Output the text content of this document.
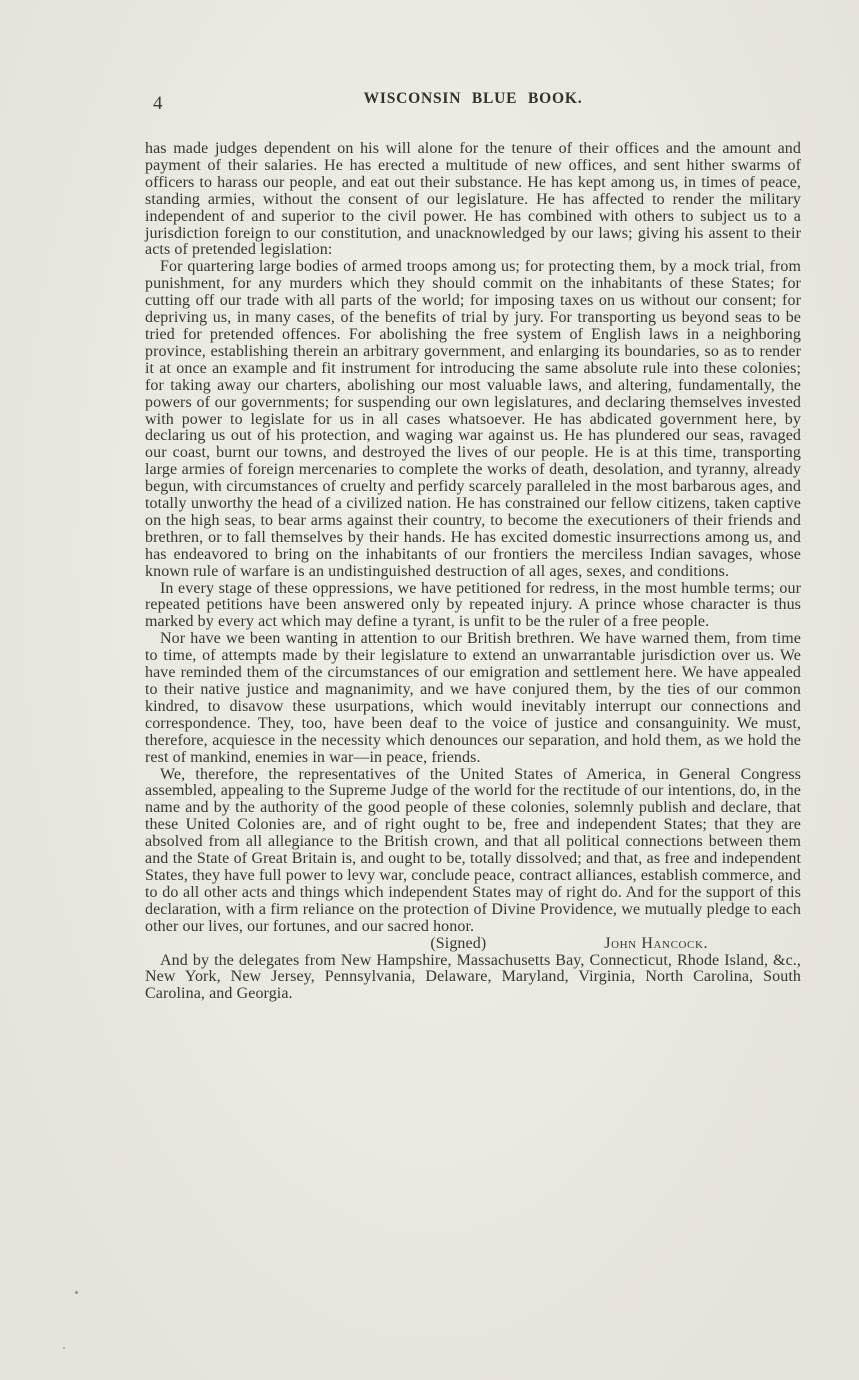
4	WISCONSIN BLUE BOOK.

has made judges dependent on his will alone for the tenure of their offices and the amount and payment of their salaries. He has erected a multitude of new offices, and sent hither swarms of officers to harass our people, and eat out their substance. He has kept among us, in times of peace, standing armies, without the consent of our legislature. He has affected to render the military independent of and superior to the civil power. He has combined with others to subject us to a jurisdiction foreign to our constitution, and unacknowledged by our laws; giving his assent to their acts of pretended legislation:

For quartering large bodies of armed troops among us; for protecting them, by a mock trial, from punishment, for any murders which they should commit on the inhabitants of these States; for cutting off our trade with all parts of the world; for imposing taxes on us without our consent; for depriving us, in many cases, of the benefits of trial by jury. For transporting us beyond seas to be tried for pretended offences. For abolishing the free system of English laws in a neighboring province, establishing therein an arbitrary government, and enlarging its boundaries, so as to render it at once an example and fit instrument for introducing the same absolute rule into these colonies; for taking away our charters, abolishing our most valuable laws, and altering, fundamentally, the powers of our governments; for suspending our own legislatures, and declaring themselves invested with power to legislate for us in all cases whatsoever. He has abdicated government here, by declaring us out of his protection, and waging war against us. He has plundered our seas, ravaged our coast, burnt our towns, and destroyed the lives of our people. He is at this time, transporting large armies of foreign mercenaries to complete the works of death, desolation, and tyranny, already begun, with circumstances of cruelty and perfidy scarcely paralleled in the most barbarous ages, and totally unworthy the head of a civilized nation. He has constrained our fellow citizens, taken captive on the high seas, to bear arms against their country, to become the executioners of their friends and brethren, or to fall themselves by their hands. He has excited domestic insurrections among us, and has endeavored to bring on the inhabitants of our frontiers the merciless Indian savages, whose known rule of warfare is an undistinguished destruction of all ages, sexes, and conditions.

In every stage of these oppressions, we have petitioned for redress, in the most humble terms; our repeated petitions have been answered only by repeated injury. A prince whose character is thus marked by every act which may define a tyrant, is unfit to be the ruler of a free people.

Nor have we been wanting in attention to our British brethren. We have warned them, from time to time, of attempts made by their legislature to extend an unwarrantable jurisdiction over us. We have reminded them of the circumstances of our emigration and settlement here. We have appealed to their native justice and magnanimity, and we have conjured them, by the ties of our common kindred, to disavow these usurpations, which would inevitably interrupt our connections and correspondence. They, too, have been deaf to the voice of justice and consanguinity. We must, therefore, acquiesce in the necessity which denounces our separation, and hold them, as we hold the rest of mankind, enemies in war—in peace, friends.

We, therefore, the representatives of the United States of America, in General Congress assembled, appealing to the Supreme Judge of the world for the rectitude of our intentions, do, in the name and by the authority of the good people of these colonies, solemnly publish and declare, that these United Colonies are, and of right ought to be, free and independent States; that they are absolved from all allegiance to the British crown, and that all political connections between them and the State of Great Britain is, and ought to be, totally dissolved; and that, as free and independent States, they have full power to levy war, conclude peace, contract alliances, establish commerce, and to do all other acts and things which independent States may of right do. And for the support of this declaration, with a firm reliance on the protection of Divine Providence, we mutually pledge to each other our lives, our fortunes, and our sacred honor.

(Signed)	John Hancock.

And by the delegates from New Hampshire, Massachusetts Bay, Connecticut, Rhode Island, &c., New York, New Jersey, Pennsylvania, Delaware, Maryland, Virginia, North Carolina, South Carolina, and Georgia.
